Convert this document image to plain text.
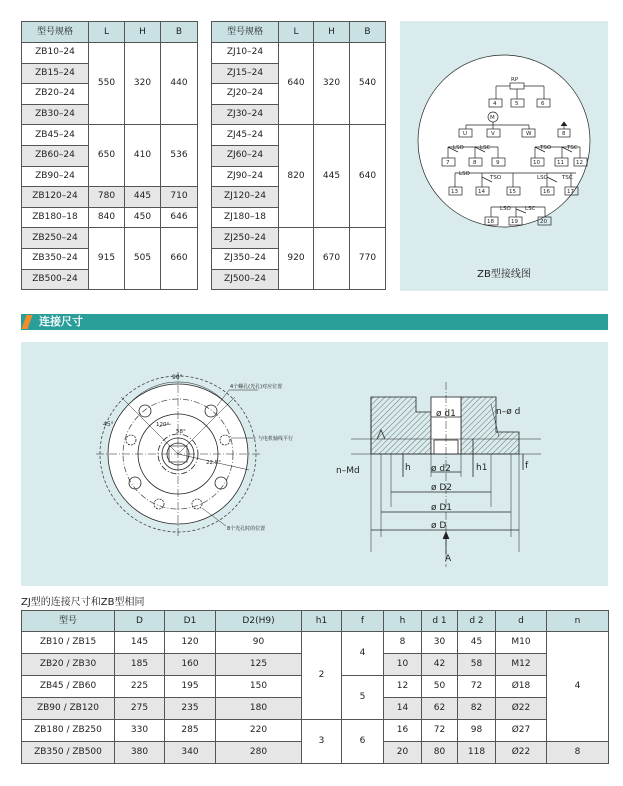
型号规格	L	H	B
ZB10–24	550	320	440
ZB15–24			
ZB20–24			
ZB30–24			
ZB45–24	650	410	536
ZB60–24			
ZB90–24			
ZB120–24	780	445	710
ZB180–18	840	450	646
ZB250–24	915	505	660
ZB350–24			
ZB500–24			
型号规格	L	H	B
ZJ10–24	640	320	540
ZJ15–24			
ZJ20–24			
ZJ30–24			
ZJ45–24	820	445	640
ZJ60–24			
ZJ90–24			
ZJ120–24			
ZJ180–18			
ZJ250–24	920	670	770
ZJ350–24			
ZJ500–24			
RP
4	5	6
M
U	V	W	8
LSO	LSC	TSO	TSC
7	8	9	10	11 12
LSO
TSO	LSC	TSC
13	14	15	16	17
LSO	LSC
18	19	20
ZB型接线图
连接尺寸
90°
45°	120°
58°
22.5°
4个螺孔(光孔)对应位置
与电机轴线平行
8个光孔时的位置
ø d1	n–ø d
n–Md	h	h1	f
ø d2
ø D2
ø D1
ø D
A
ZJ型的连接尺寸和ZB型相同
型号	D	D1	D2(H9)	h1	f	h	d 1	d 2	d	n
ZB10 / ZB15	145	120	90	2	4	8	30	45	M10	4
ZB20 / ZB30	185	160	125			10	42	58	M12	
ZB45 / ZB60	225	195	150		5	12	50	72	Ø18	
ZB90 / ZB120	275	235	180			14	62	82	Ø22	
ZB180 / ZB250	330	285	220	3	6	16	72	98	Ø27	
ZB350 / ZB500	380	340	280			20	80	118	Ø22	8
